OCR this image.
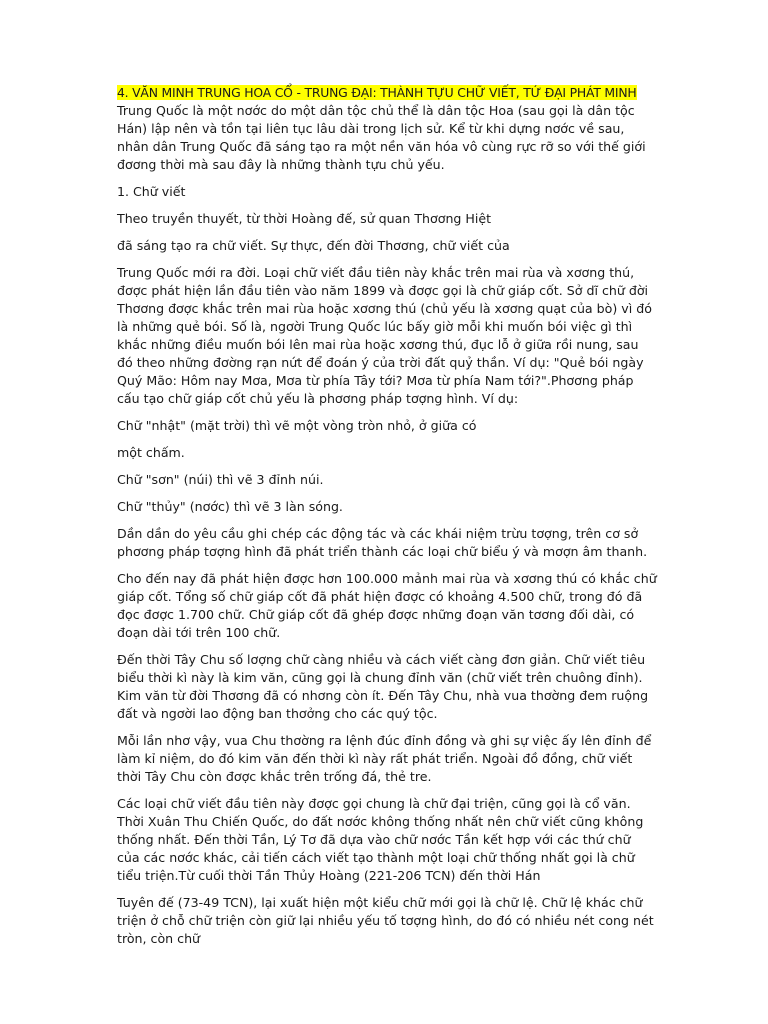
4. VĂN MINH TRUNG HOA CỔ - TRUNG ĐẠI: THÀNH TỰU CHỮ VIẾT, TỨ ĐẠI PHÁT MINH

Trung Quốc là một nơớc do một dân tộc chủ thể là dân tộc Hoa (sau gọi là dân tộc Hán) lập nên và tồn tại liên tục lâu dài trong lịch sử. Kể từ khi dựng nơớc về sau, nhân dân Trung Quốc đã sáng tạo ra một nền văn hóa vô cùng rực rỡ so với thế giới đơơng thời mà sau đây là những thành tựu chủ yếu.

1. Chữ viết

Theo truyền thuyết, từ thời Hoàng đế, sử quan Thơơng Hiệt

đã sáng tạo ra chữ viết. Sự thực, đến đời Thơơng, chữ viết của

Trung Quốc mới ra đời. Loại chữ viết đầu tiên này khắc trên mai rùa và xơơng thú, đơợc phát hiện lần đầu tiên vào năm 1899 và đơợc gọi là chữ giáp cốt. Sở dĩ chữ đời Thơơng đơợc khắc trên mai rùa hoặc xơơng thú (chủ yếu là xơơng quạt của bò) vì đó là những quẻ bói. Số là, ngơời Trung Quốc lúc bấy giờ mỗi khi muốn bói việc gì thì khắc những điều muốn bói lên mai rùa hoặc xơơng thú, đục lỗ ở giữa rồi nung, sau đó theo những đơờng rạn nứt để đoán ý của trời đất quỷ thần. Ví dụ: "Quẻ bói ngày Quý Mão: Hôm nay Mơa, Mơa từ phía Tây tới? Mơa từ phía Nam tới?".Phơơng pháp cấu tạo chữ giáp cốt chủ yếu là phơơng pháp tơợng hình. Ví dụ:

Chữ "nhật" (mặt trời) thì vẽ một vòng tròn nhỏ, ở giữa có

một chấm.

Chữ "sơn" (núi) thì vẽ 3 đỉnh núi.

Chữ "thủy" (nơớc) thì vẽ 3 làn sóng.

Dần dần do yêu cầu ghi chép các động tác và các khái niệm trừu tơợng, trên cơ sở phơơng pháp tơợng hình đã phát triển thành các loại chữ biểu ý và mơợn âm thanh.

Cho đến nay đã phát hiện đơợc hơn 100.000 mảnh mai rùa và xơơng thú có khắc chữ giáp cốt. Tổng số chữ giáp cốt đã phát hiện đơợc có khoảng 4.500 chữ, trong đó đã đọc đơợc 1.700 chữ. Chữ giáp cốt đã ghép đơợc những đoạn văn tơơng đối dài, có đoạn dài tới trên 100 chữ.

Đến thời Tây Chu số lơợng chữ càng nhiều và cách viết càng đơn giản. Chữ viết tiêu biểu thời kì này là kim văn, cũng gọi là chung đỉnh văn (chữ viết trên chuông đỉnh). Kim văn từ đời Thơơng đã có nhơng còn ít. Đến Tây Chu, nhà vua thơờng đem ruộng đất và ngơời lao động ban thơởng cho các quý tộc.

Mỗi lần nhơ vậy, vua Chu thơờng ra lệnh đúc đỉnh đồng và ghi sự việc ấy lên đỉnh để làm kỉ niệm, do đó kim văn đến thời kì này rất phát triển. Ngoài đồ đồng, chữ viết thời Tây Chu còn đơợc khắc trên trống đá, thẻ tre.

Các loại chữ viết đầu tiên này đơợc gọi chung là chữ đại triện, cũng gọi là cổ văn. Thời Xuân Thu Chiến Quốc, do đất nơớc không thống nhất nên chữ viết cũng không thống nhất. Đến thời Tần, Lý Tơ đã dựa vào chữ nơớc Tần kết hợp với các thứ chữ của các nơớc khác, cải tiến cách viết tạo thành một loại chữ thống nhất gọi là chữ tiểu triện.Từ cuối thời Tần Thủy Hoàng (221-206 TCN) đến thời Hán

Tuyên đế (73-49 TCN), lại xuất hiện một kiểu chữ mới gọi là chữ lệ. Chữ lệ khác chữ triện ở chỗ chữ triện còn giữ lại nhiều yếu tố tơợng hình, do đó có nhiều nét cong nét tròn, còn chữ
